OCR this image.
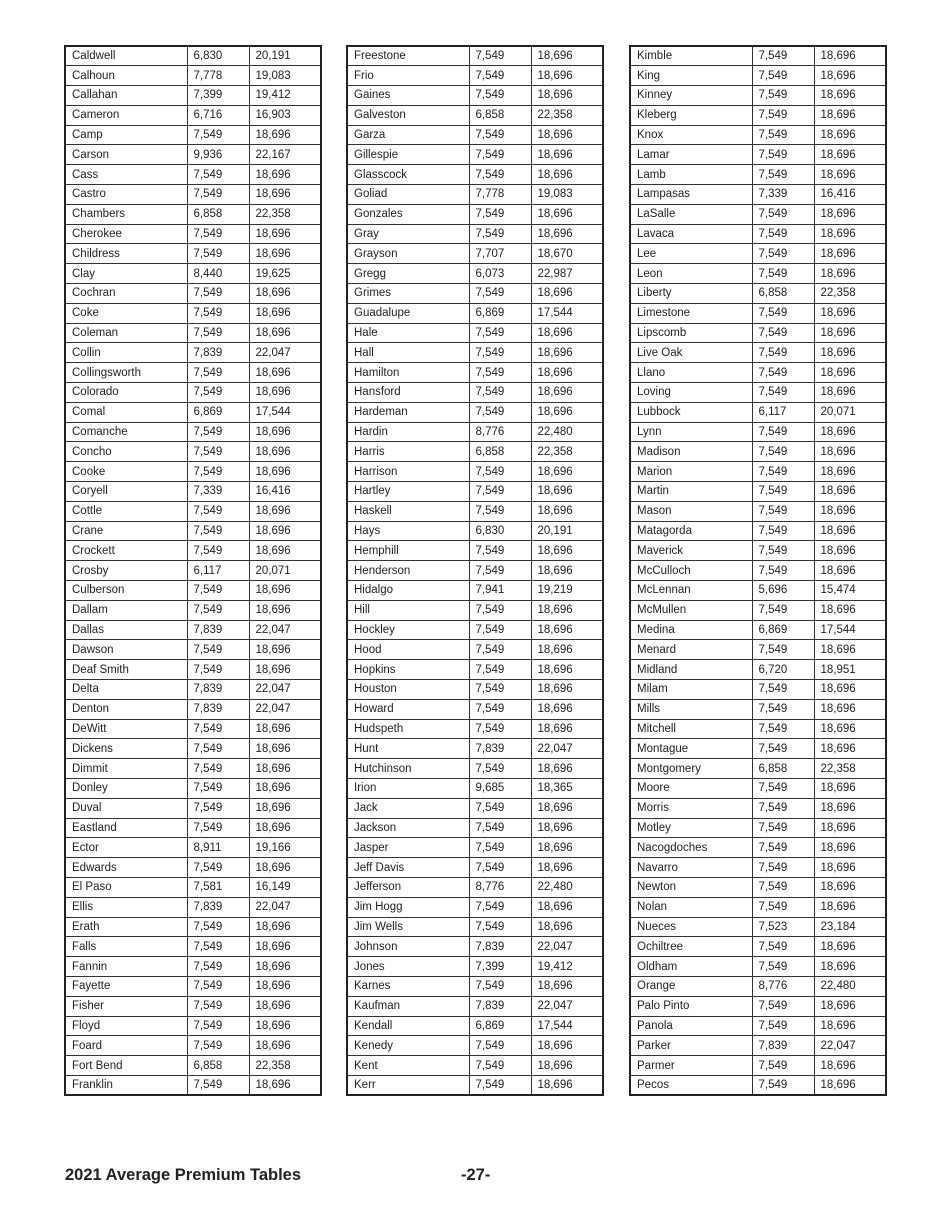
Caldwell	6,830	20,191
Calhoun	7,778	19,083
Callahan	7,399	19,412
Cameron	6,716	16,903
Camp	7,549	18,696
Carson	9,936	22,167
Cass	7,549	18,696
Castro	7,549	18,696
Chambers	6,858	22,358
Cherokee	7,549	18,696
Childress	7,549	18,696
Clay	8,440	19,625
Cochran	7,549	18,696
Coke	7,549	18,696
Coleman	7,549	18,696
Collin	7,839	22,047
Collingsworth	7,549	18,696
Colorado	7,549	18,696
Comal	6,869	17,544
Comanche	7,549	18,696
Concho	7,549	18,696
Cooke	7,549	18,696
Coryell	7,339	16,416
Cottle	7,549	18,696
Crane	7,549	18,696
Crockett	7,549	18,696
Crosby	6,117	20,071
Culberson	7,549	18,696
Dallam	7,549	18,696
Dallas	7,839	22,047
Dawson	7,549	18,696
Deaf Smith	7,549	18,696
Delta	7,839	22,047
Denton	7,839	22,047
DeWitt	7,549	18,696
Dickens	7,549	18,696
Dimmit	7,549	18,696
Donley	7,549	18,696
Duval	7,549	18,696
Eastland	7,549	18,696
Ector	8,911	19,166
Edwards	7,549	18,696
El Paso	7,581	16,149
Ellis	7,839	22,047
Erath	7,549	18,696
Falls	7,549	18,696
Fannin	7,549	18,696
Fayette	7,549	18,696
Fisher	7,549	18,696
Floyd	7,549	18,696
Foard	7,549	18,696
Fort Bend	6,858	22,358
Franklin	7,549	18,696
Freestone	7,549	18,696
Frio	7,549	18,696
Gaines	7,549	18,696
Galveston	6,858	22,358
Garza	7,549	18,696
Gillespie	7,549	18,696
Glasscock	7,549	18,696
Goliad	7,778	19,083
Gonzales	7,549	18,696
Gray	7,549	18,696
Grayson	7,707	18,670
Gregg	6,073	22,987
Grimes	7,549	18,696
Guadalupe	6,869	17,544
Hale	7,549	18,696
Hall	7,549	18,696
Hamilton	7,549	18,696
Hansford	7,549	18,696
Hardeman	7,549	18,696
Hardin	8,776	22,480
Harris	6,858	22,358
Harrison	7,549	18,696
Hartley	7,549	18,696
Haskell	7,549	18,696
Hays	6,830	20,191
Hemphill	7,549	18,696
Henderson	7,549	18,696
Hidalgo	7,941	19,219
Hill	7,549	18,696
Hockley	7,549	18,696
Hood	7,549	18,696
Hopkins	7,549	18,696
Houston	7,549	18,696
Howard	7,549	18,696
Hudspeth	7,549	18,696
Hunt	7,839	22,047
Hutchinson	7,549	18,696
Irion	9,685	18,365
Jack	7,549	18,696
Jackson	7,549	18,696
Jasper	7,549	18,696
Jeff Davis	7,549	18,696
Jefferson	8,776	22,480
Jim Hogg	7,549	18,696
Jim Wells	7,549	18,696
Johnson	7,839	22,047
Jones	7,399	19,412
Karnes	7,549	18,696
Kaufman	7,839	22,047
Kendall	6,869	17,544
Kenedy	7,549	18,696
Kent	7,549	18,696
Kerr	7,549	18,696
Kimble	7,549	18,696
King	7,549	18,696
Kinney	7,549	18,696
Kleberg	7,549	18,696
Knox	7,549	18,696
Lamar	7,549	18,696
Lamb	7,549	18,696
Lampasas	7,339	16,416
LaSalle	7,549	18,696
Lavaca	7,549	18,696
Lee	7,549	18,696
Leon	7,549	18,696
Liberty	6,858	22,358
Limestone	7,549	18,696
Lipscomb	7,549	18,696
Live Oak	7,549	18,696
Llano	7,549	18,696
Loving	7,549	18,696
Lubbock	6,117	20,071
Lynn	7,549	18,696
Madison	7,549	18,696
Marion	7,549	18,696
Martin	7,549	18,696
Mason	7,549	18,696
Matagorda	7,549	18,696
Maverick	7,549	18,696
McCulloch	7,549	18,696
McLennan	5,696	15,474
McMullen	7,549	18,696
Medina	6,869	17,544
Menard	7,549	18,696
Midland	6,720	18,951
Milam	7,549	18,696
Mills	7,549	18,696
Mitchell	7,549	18,696
Montague	7,549	18,696
Montgomery	6,858	22,358
Moore	7,549	18,696
Morris	7,549	18,696
Motley	7,549	18,696
Nacogdoches	7,549	18,696
Navarro	7,549	18,696
Newton	7,549	18,696
Nolan	7,549	18,696
Nueces	7,523	23,184
Ochiltree	7,549	18,696
Oldham	7,549	18,696
Orange	8,776	22,480
Palo Pinto	7,549	18,696
Panola	7,549	18,696
Parker	7,839	22,047
Parmer	7,549	18,696
Pecos	7,549	18,696
2021 Average Premium Tables	-27-
